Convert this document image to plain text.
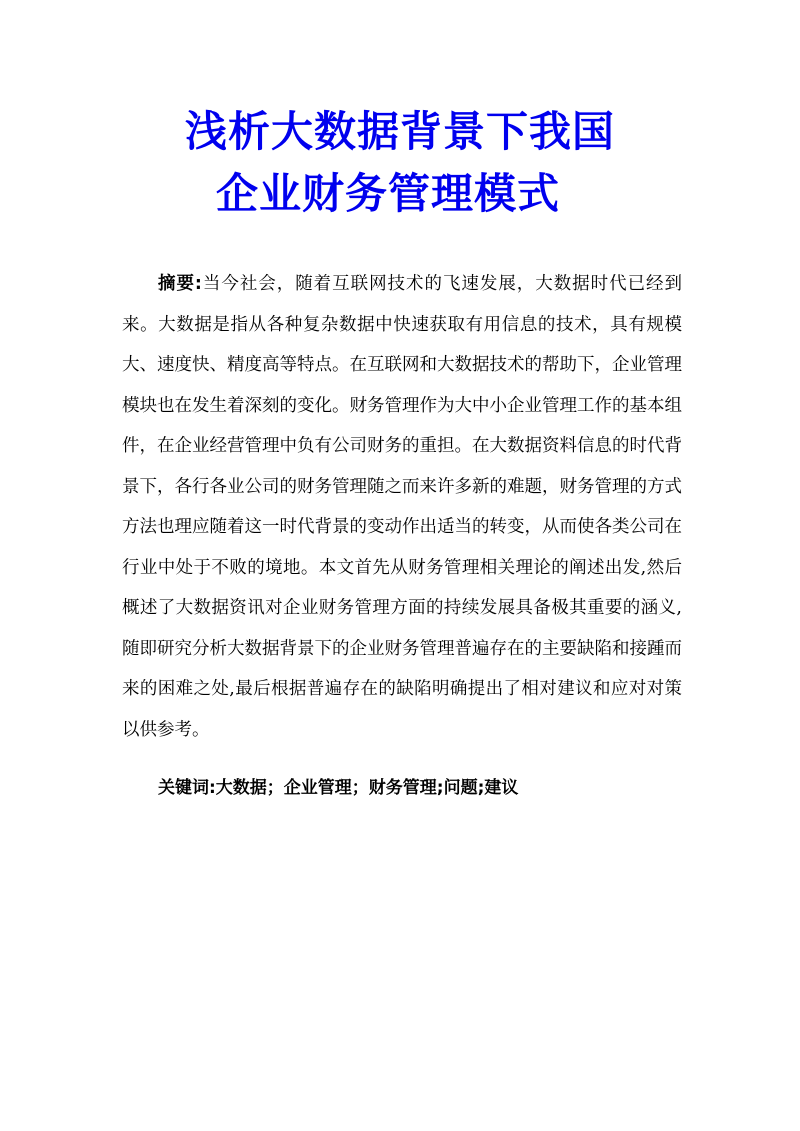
浅析大数据背景下我国
企业财务管理模式

摘要:当今社会，随着互联网技术的飞速发展，大数据时代已经到来。大数据是指从各种复杂数据中快速获取有用信息的技术，具有规模大、速度快、精度高等特点。在互联网和大数据技术的帮助下，企业管理模块也在发生着深刻的变化。财务管理作为大中小企业管理工作的基本组件，在企业经营管理中负有公司财务的重担。在大数据资料信息的时代背景下，各行各业公司的财务管理随之而来许多新的难题，财务管理的方式方法也理应随着这一时代背景的变动作出适当的转变，从而使各类公司在行业中处于不败的境地。本文首先从财务管理相关理论的阐述出发,然后概述了大数据资讯对企业财务管理方面的持续发展具备极其重要的涵义,随即研究分析大数据背景下的企业财务管理普遍存在的主要缺陷和接踵而来的困难之处,最后根据普遍存在的缺陷明确提出了相对建议和应对对策以供参考。

关键词:大数据；企业管理；财务管理;问题;建议
